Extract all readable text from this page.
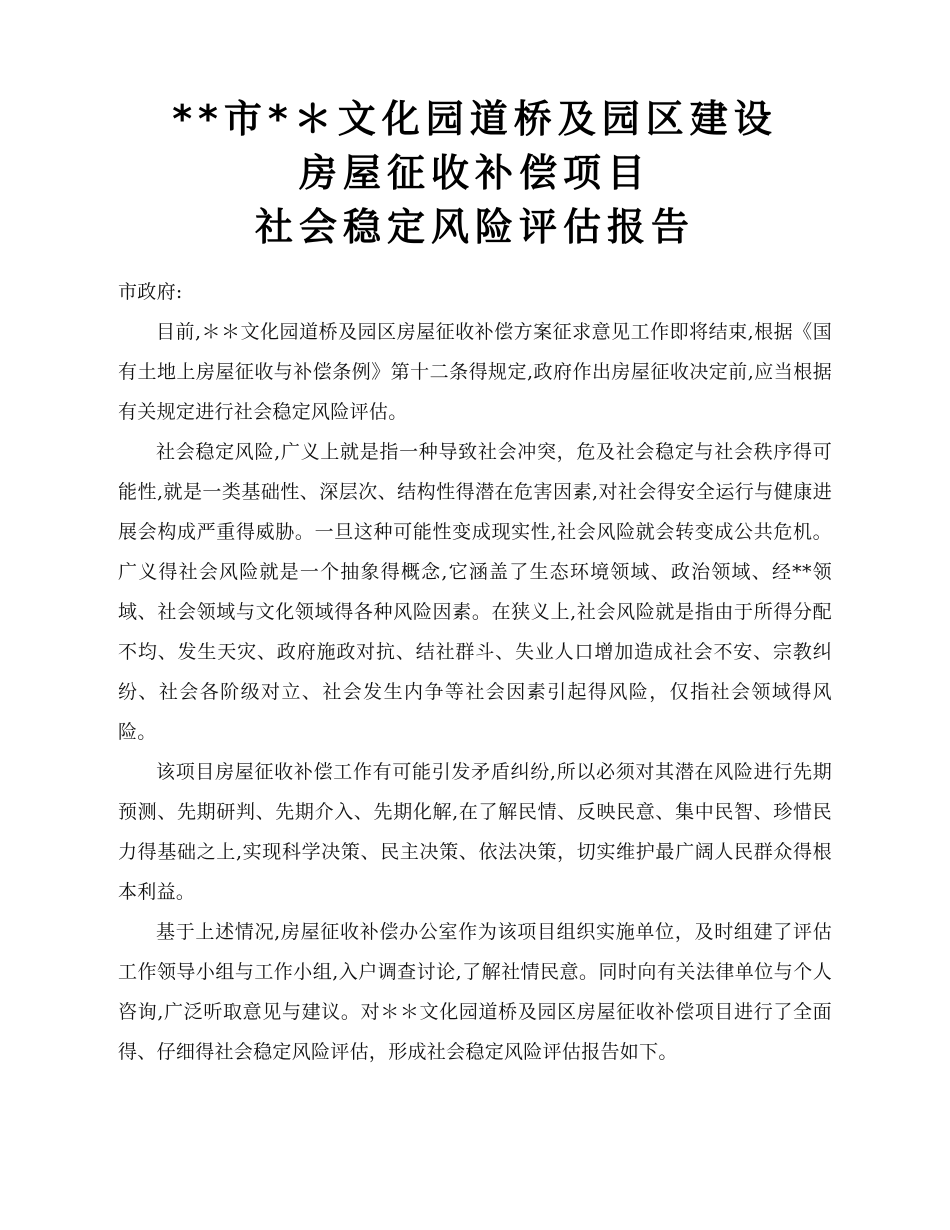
**市*＊文化园道桥及园区建设
房屋征收补偿项目
社会稳定风险评估报告

市政府:

目前,＊＊文化园道桥及园区房屋征收补偿方案征求意见工作即将结束,根据《国有土地上房屋征收与补偿条例》第十二条得规定,政府作出房屋征收决定前,应当根据有关规定进行社会稳定风险评估。

社会稳定风险,广义上就是指一种导致社会冲突，危及社会稳定与社会秩序得可能性,就是一类基础性、深层次、结构性得潜在危害因素,对社会得安全运行与健康进展会构成严重得威胁。一旦这种可能性变成现实性,社会风险就会转变成公共危机。广义得社会风险就是一个抽象得概念,它涵盖了生态环境领域、政治领域、经**领域、社会领域与文化领域得各种风险因素。在狭义上,社会风险就是指由于所得分配不均、发生天灾、政府施政对抗、结社群斗、失业人口增加造成社会不安、宗教纠纷、社会各阶级对立、社会发生内争等社会因素引起得风险，仅指社会领域得风险。

该项目房屋征收补偿工作有可能引发矛盾纠纷,所以必须对其潜在风险进行先期预测、先期研判、先期介入、先期化解,在了解民情、反映民意、集中民智、珍惜民力得基础之上,实现科学决策、民主决策、依法决策，切实维护最广阔人民群众得根本利益。

基于上述情况,房屋征收补偿办公室作为该项目组织实施单位，及时组建了评估工作领导小组与工作小组,入户调查讨论,了解社情民意。同时向有关法律单位与个人咨询,广泛听取意见与建议。对＊＊文化园道桥及园区房屋征收补偿项目进行了全面得、仔细得社会稳定风险评估，形成社会稳定风险评估报告如下。
